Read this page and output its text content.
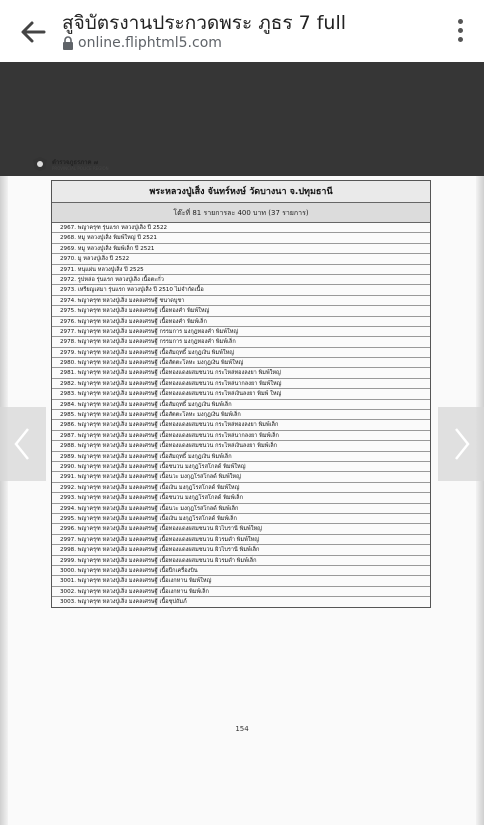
สูจิบัตรงานประกวดพระ ภูธร 7 full
online.fliphtml5.com
ตำรวจภูธรภาค ๗
PROVINCIAL POLICE REGION
พระหลวงปู่เส็ง จันทร์หงษ์ วัดบางนา จ.ปทุมธานี
โต๊ะที่ 81 รายการละ 400 บาท (37 รายการ)
2967. พญาครุฑ รุ่นแรก หลวงปู่เส็ง ปี 2522
2968. หมู หลวงปู่เส็ง พิมพ์ใหญ่ ปี 2521
2969. หมู หลวงปู่เส็ง พิมพ์เล็ก ปี 2521
2970. มู หลวงปู่เส็ง ปี 2522
2971. หนุแผ่น หลวงปู่เส็ง ปี 2525
2972. รูปหล่อ รุ่นแรก หลวงปู่เส็ง เนื้อตะกั่ว
2973. เหรียญเสมา รุ่นแรก หลวงปู่เส็ง ปี 2510 ไม่จำกัดเนื้อ
2974. พญาครุฑ หลวงปู่เส็ง มงคลเศรษฐี ชนาดบูชา
2975. พญาครุฑ หลวงปู่เส็ง มงคลเศรษฐี เนื้อทองคำ พิมพ์ใหญ่
2976. พญาครุฑ หลวงปู่เส็ง มงคลเศรษฐี เนื้อทองคำ พิมพ์เล็ก
2977. พญาครุฑ หลวงปู่เส็ง มงคลเศรษฐี กรรมการ มงกุฎทองคำ พิมพ์ใหญ่
2978. พญาครุฑ หลวงปู่เส็ง มงคลเศรษฐี กรรมการ มงกุฎทองคำ พิมพ์เล็ก
2979. พญาครุฑ หลวงปู่เส็ง มงคลเศรษฐี เนื้อสัมฤทธิ์ มงกุฎเงิน พิมพ์ใหญ่
2980. พญาครุฑ หลวงปู่เส็ง มงคลเศรษฐี เนื้อสัตตะโลหะ มงกุฎเงิน พิมพ์ใหญ่
2981. พญาครุฑ หลวงปู่เส็ง มงคลเศรษฐี เนื้อทองแดงผสมชนวน กระไหล่ทองลงยา พิมพ์ใหญ่
2982. พญาครุฑ หลวงปู่เส็ง มงคลเศรษฐี เนื้อทองแดงผสมชนวน กระไหล่นากลงยา พิมพ์ใหญ่
2983. พญาครุฑ หลวงปู่เส็ง มงคลเศรษฐี เนื้อทองแดงผสมชนวน กระไหล่เงินลงยา พิมพ์ ใหญ่
2984. พญาครุฑ หลวงปู่เส็ง มงคลเศรษฐี เนื้อสัมฤทธิ์ มงกุฎเงิน พิมพ์เล็ก
2985. พญาครุฑ หลวงปู่เส็ง มงคลเศรษฐี เนื้อสัตตะโลหะ มงกุฎเงิน พิมพ์เล็ก
2986. พญาครุฑ หลวงปู่เส็ง มงคลเศรษฐี เนื้อทองแดงผสมชนวน กระไหล่ทองลงยา พิมพ์เล็ก
2987. พญาครุฑ หลวงปู่เส็ง มงคลเศรษฐี เนื้อทองแดงผสมชนวน กระไหล่นากลงยา พิมพ์เล็ก
2988. พญาครุฑ หลวงปู่เส็ง มงคลเศรษฐี เนื้อทองแดงผสมชนวน กระไหล่เงินลงยา พิมพ์เล็ก
2989. พญาครุฑ หลวงปู่เส็ง มงคลเศรษฐี เนื้อสัมฤทธิ์ มงกุฎเงิน พิมพ์เล็ก
2990. พญาครุฑ หลวงปู่เส็ง มงคลเศรษฐี เนื้อชนวน มงกุฎโรสโกลด์ พิมพ์ใหญ่
2991. พญาครุฑ หลวงปู่เส็ง มงคลเศรษฐี เนื้อนวะ มงกุฎโรสโกลด์ พิมพ์ใหญ่
2992. พญาครุฑ หลวงปู่เส็ง มงคลเศรษฐี เนื้อเงิน มงกุฎโรสโกลด์ พิมพ์ใหญ่
2993. พญาครุฑ หลวงปู่เส็ง มงคลเศรษฐี เนื้อชนวน มงกุฎโรสโกลด์ พิมพ์เล็ก
2994. พญาครุฑ หลวงปู่เส็ง มงคลเศรษฐี เนื้อนวะ มงกุฎโรสโกลด์ พิมพ์เล็ก
2995. พญาครุฑ หลวงปู่เส็ง มงคลเศรษฐี เนื้อเงิน มงกุฎโรสโกลด์ พิมพ์เล็ก
2996. พญาครุฑ หลวงปู่เส็ง มงคลเศรษฐี เนื้อทองแดงผสมชนวน ผิวไบรานี พิมพ์ใหญ่
2997. พญาครุฑ หลวงปู่เส็ง มงคลเศรษฐี เนื้อทองแดงผสมชนวน ผิวรมดำ พิมพ์ใหญ่
2998. พญาครุฑ หลวงปู่เส็ง มงคลเศรษฐี เนื้อทองแดงผสมชนวน ผิวไบรานี พิมพ์เล็ก
2999. พญาครุฑ หลวงปู่เส็ง มงคลเศรษฐี เนื้อทองแดงผสมชนวน ผิวรมดำ พิมพ์เล็ก
3000. พญาครุฑ หลวงปู่เส็ง มงคลเศรษฐี เนื้อปีกเครื่องบิน
3001. พญาครุฑ หลวงปู่เส็ง มงคลเศรษฐี เนื้อเงกหาน พิมพ์ใหญ่
3002. พญาครุฑ หลวงปู่เส็ง มงคลเศรษฐี เนื้อเงกหาน พิมพ์เล็ก
3003. พญาครุฑ หลวงปู่เส็ง มงคลเศรษฐี เนื้อชุปถัมภ์
154
